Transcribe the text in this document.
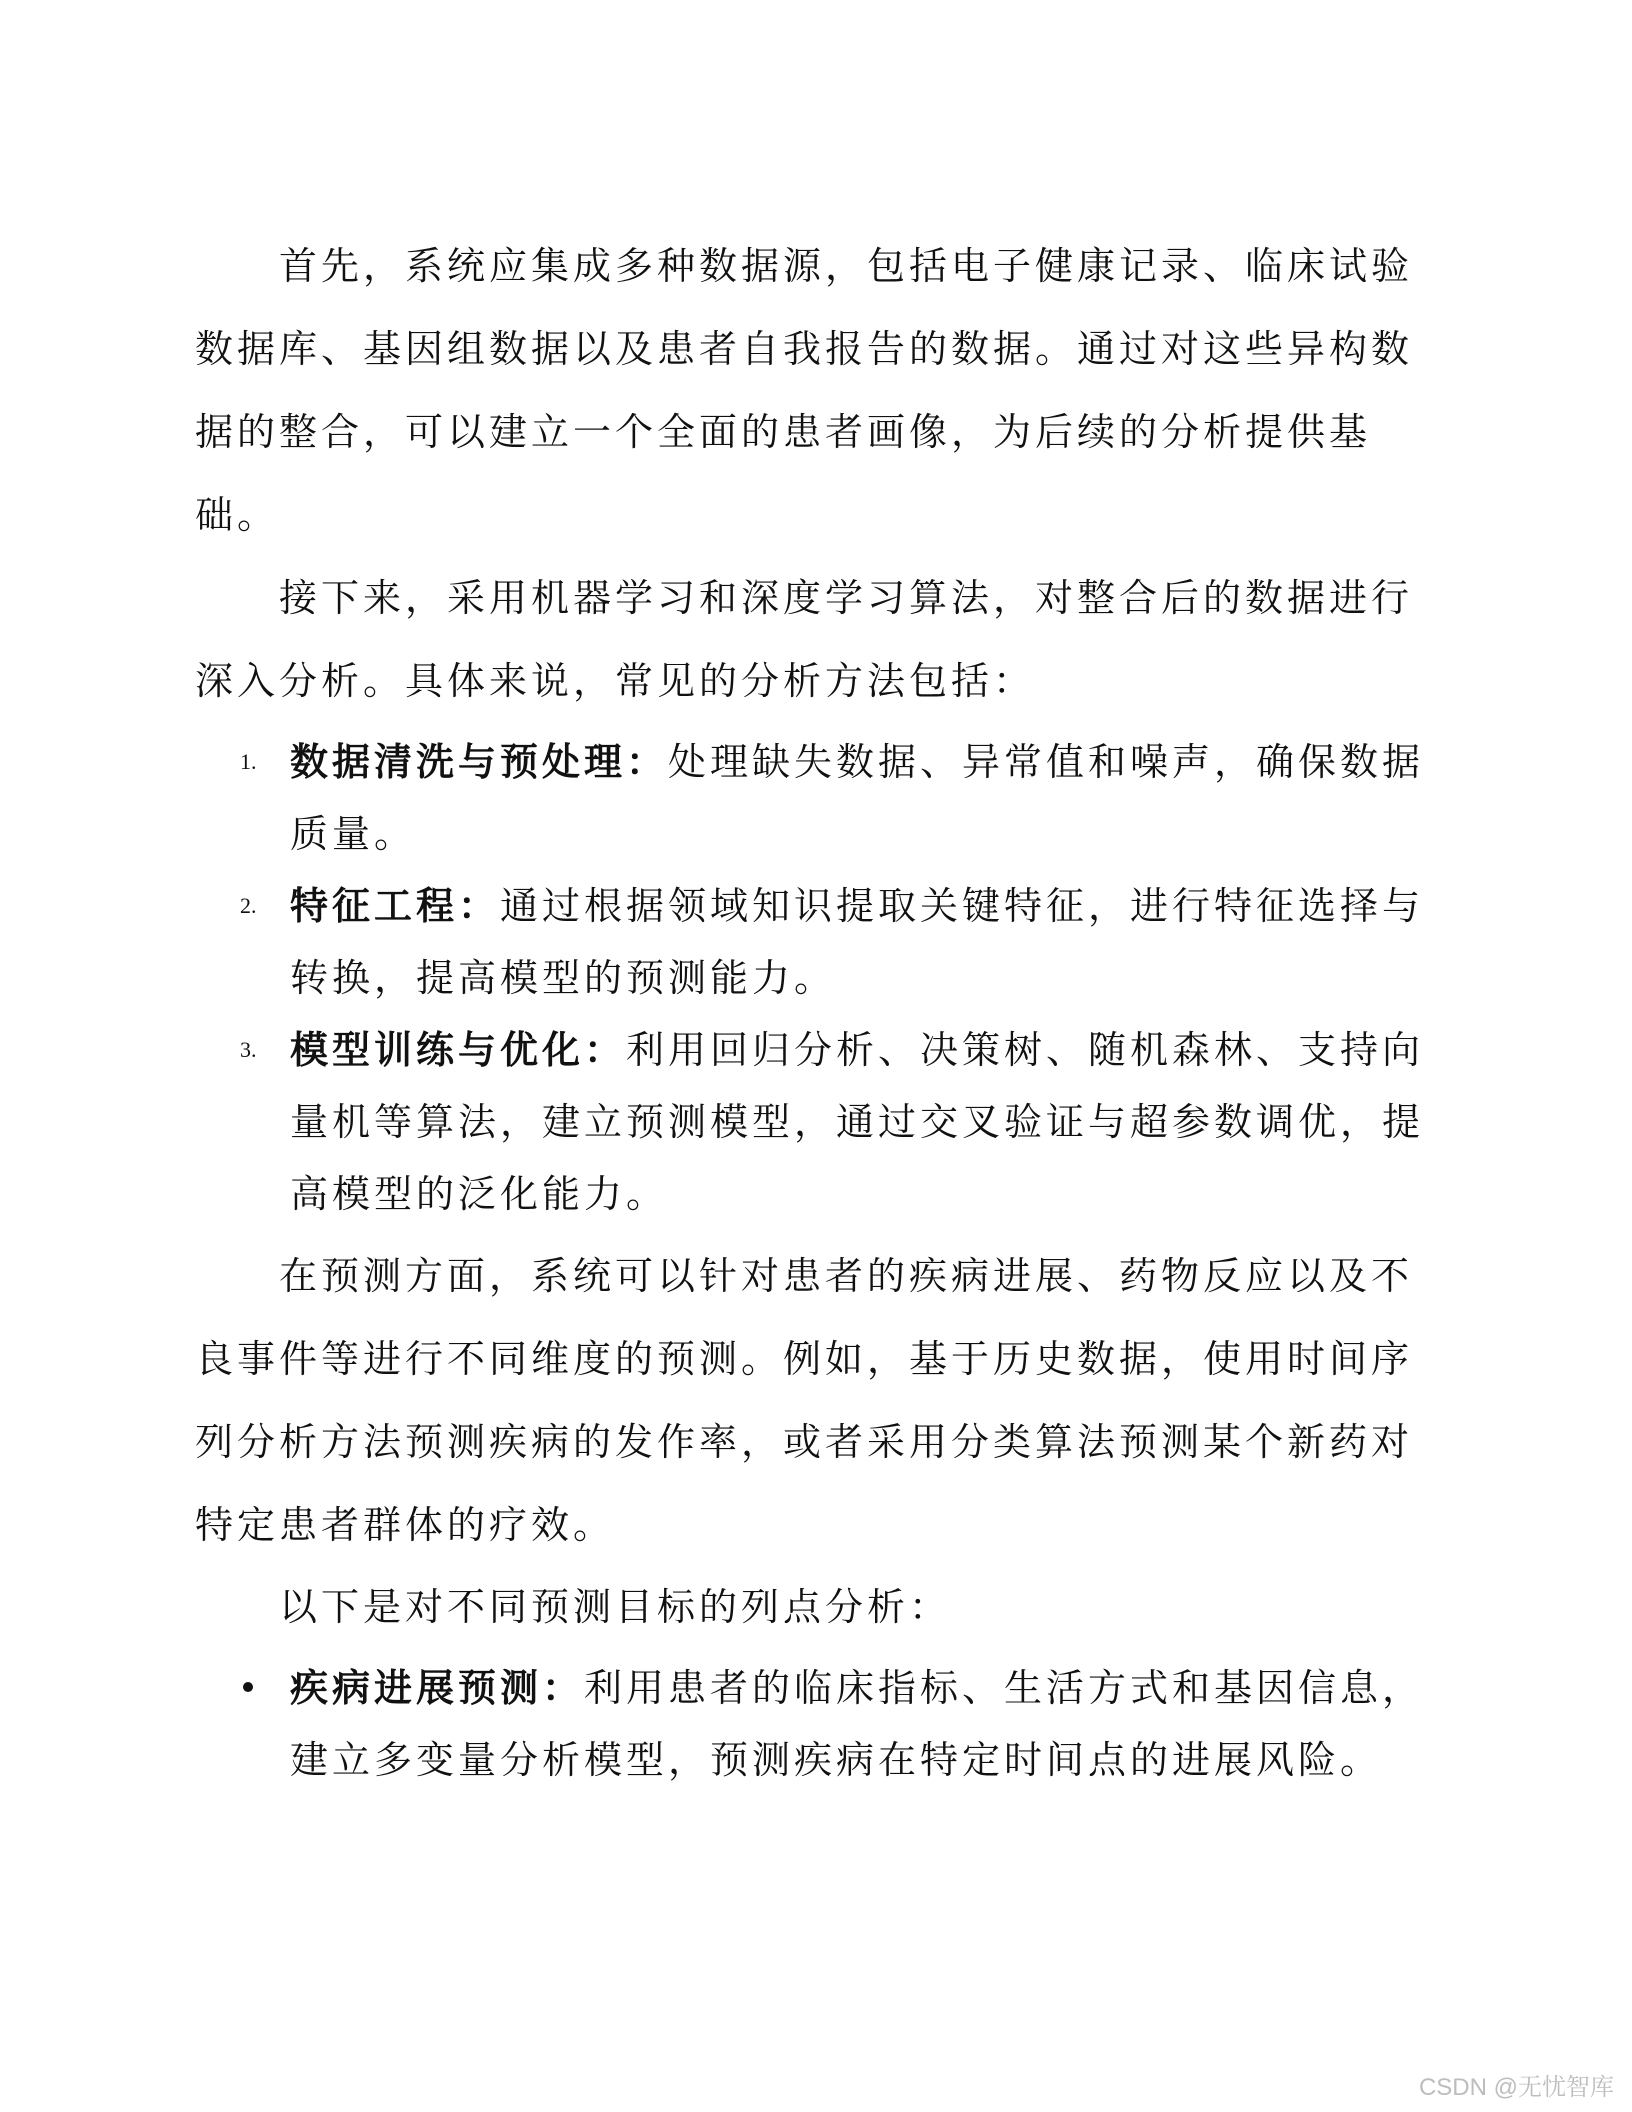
首先，系统应集成多种数据源，包括电子健康记录、临床试验数据库、基因组数据以及患者自我报告的数据。通过对这些异构数据的整合，可以建立一个全面的患者画像，为后续的分析提供基础。
接下来，采用机器学习和深度学习算法，对整合后的数据进行深入分析。具体来说，常见的分析方法包括：
1. 数据清洗与预处理：处理缺失数据、异常值和噪声，确保数据质量。
2. 特征工程：通过根据领域知识提取关键特征，进行特征选择与转换，提高模型的预测能力。
3. 模型训练与优化：利用回归分析、决策树、随机森林、支持向量机等算法，建立预测模型，通过交叉验证与超参数调优，提高模型的泛化能力。
在预测方面，系统可以针对患者的疾病进展、药物反应以及不良事件等进行不同维度的预测。例如，基于历史数据，使用时间序列分析方法预测疾病的发作率，或者采用分类算法预测某个新药对特定患者群体的疗效。
以下是对不同预测目标的列点分析：
疾病进展预测：利用患者的临床指标、生活方式和基因信息，建立多变量分析模型，预测疾病在特定时间点的进展风险。
CSDN @无忧智库
